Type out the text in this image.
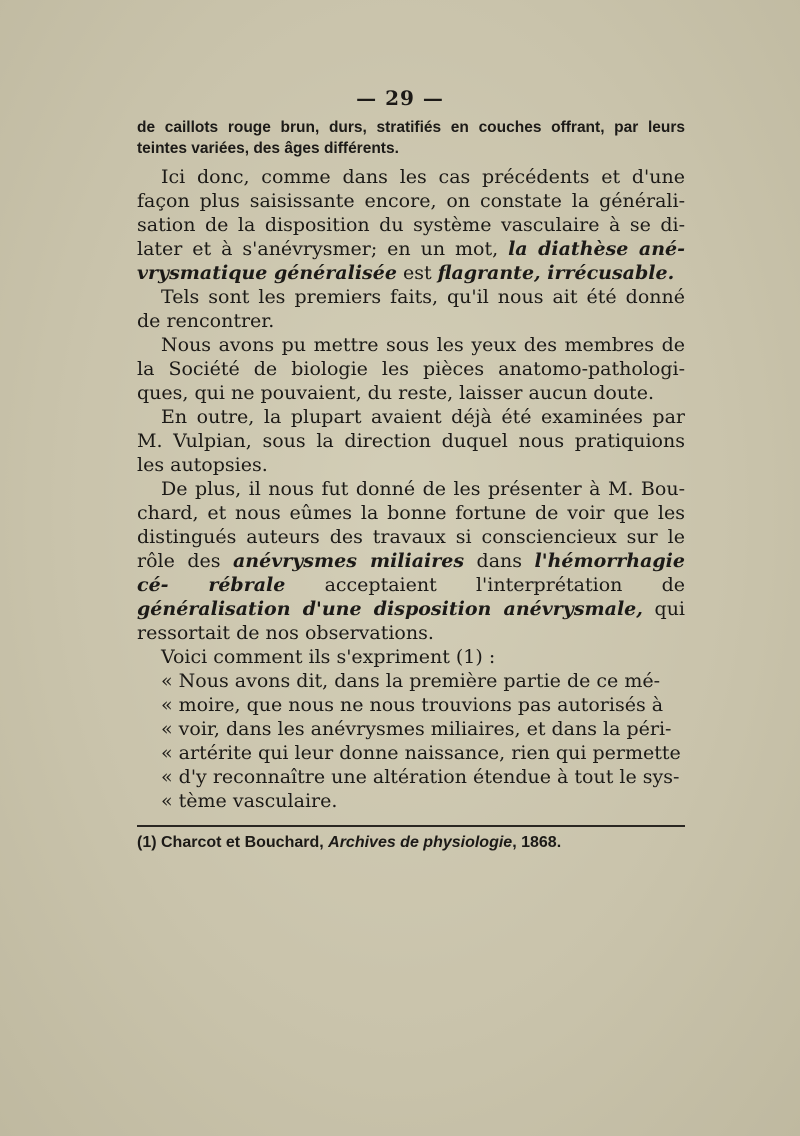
— 29 —

de caillots rouge brun, durs, stratifiés en couches offrant, par leurs teintes variées, des âges différents.

Ici donc, comme dans les cas précédents et d'une façon plus saisissante encore, on constate la générali- sation de la disposition du système vasculaire à se di- later et à s'anévrysmer; en un mot, la diathèse ané- vrysmatique généralisée est flagrante, irrécusable.

Tels sont les premiers faits, qu'il nous ait été donné de rencontrer.

Nous avons pu mettre sous les yeux des membres de la Société de biologie les pièces anatomo-pathologi- ques, qui ne pouvaient, du reste, laisser aucun doute.

En outre, la plupart avaient déjà été examinées par M. Vulpian, sous la direction duquel nous pratiquions les autopsies.

De plus, il nous fut donné de les présenter à M. Bou- chard, et nous eûmes la bonne fortune de voir que les distingués auteurs des travaux si consciencieux sur le rôle des anévrysmes miliaires dans l'hémorrhagie cé- rébrale acceptaient l'interprétation de généralisation d'une disposition anévrysmale, qui ressortait de nos observations.

Voici comment ils s'expriment (1) :

« Nous avons dit, dans la première partie de ce mé-
« moire, que nous ne nous trouvions pas autorisés à
« voir, dans les anévrysmes miliaires, et dans la péri-
« artérite qui leur donne naissance, rien qui permette
« d'y reconnaître une altération étendue à tout le sys-
« tème vasculaire.
(1) Charcot et Bouchard, Archives de physiologie, 1868.
